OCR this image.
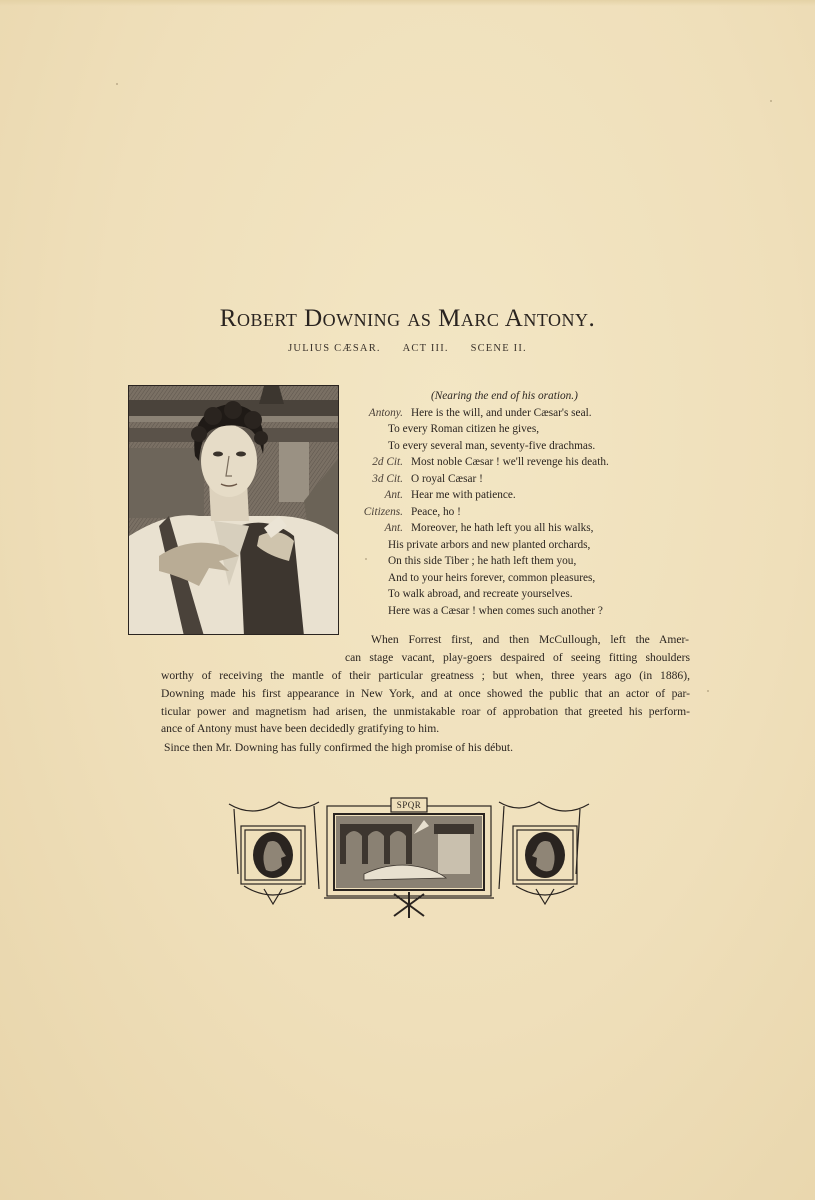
Robert Downing as Marc Antony.
JULIUS CÆSAR. ACT III. SCENE II.
(Nearing the end of his oration.)
Antony. Here is the will, and under Cæsar's seal.
To every Roman citizen he gives,
To every several man, seventy-five drachmas.
2d Cit. Most noble Cæsar ! we'll revenge his death.
3d Cit. O royal Cæsar !
Ant. Hear me with patience.
Citizens. Peace, ho !
Ant. Moreover, he hath left you all his walks,
His private arbors and new planted orchards,
On this side Tiber ; he hath left them you,
And to your heirs forever, common pleasures,
To walk abroad, and recreate yourselves.
Here was a Cæsar ! when comes such another ?
When Forrest first, and then McCullough, left the Amer-
can stage vacant, play-goers despaired of seeing fitting shoulders
worthy of receiving the mantle of their particular greatness ; but when, three years ago (in 1886),
Downing made his first appearance in New York, and at once showed the public that an actor of par-
ticular power and magnetism had arisen, the unmistakable roar of approbation that greeted his perform-
ance of Antony must have been decidedly gratifying to him.
Since then Mr. Downing has fully confirmed the high promise of his début.
SPQR
